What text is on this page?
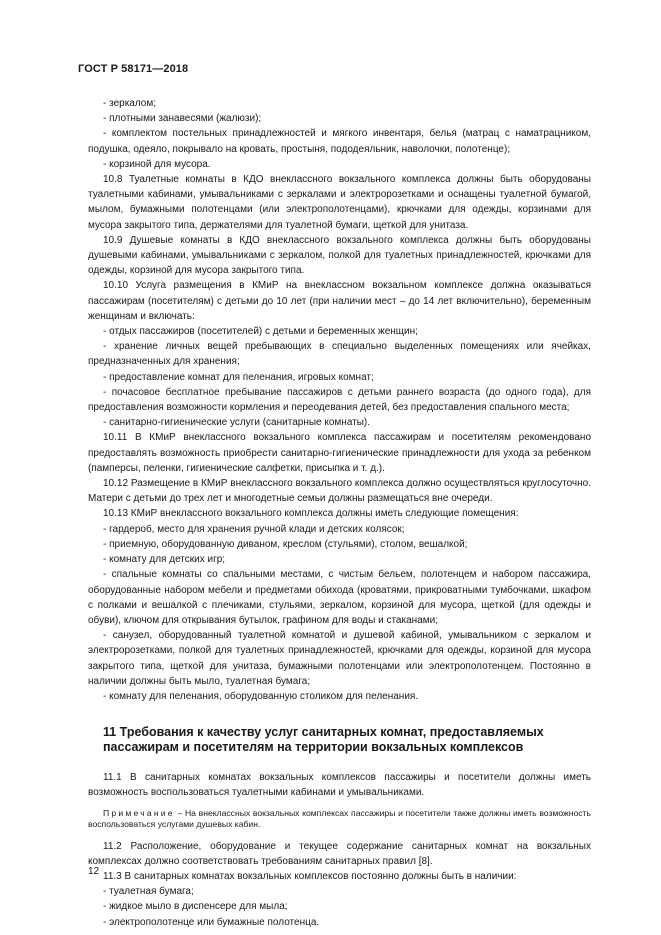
ГОСТ Р 58171—2018

- зеркалом;

- плотными занавесями (жалюзи);

- комплектом постельных принадлежностей и мягкого инвентаря, белья (матрац с наматрацником, подушка, одеяло, покрывало на кровать, простыня, пододеяльник, наволочки, полотенце);

- корзиной для мусора.

10.8 Туалетные комнаты в КДО внеклассного вокзального комплекса должны быть оборудованы туалетными кабинами, умывальниками с зеркалами и электророзетками и оснащены туалетной бумагой, мылом, бумажными полотенцами (или электрополотенцами), крючками для одежды, корзинами для мусора закрытого типа, держателями для туалетной бумаги, щеткой для унитаза.

10.9 Душевые комнаты в КДО внеклассного вокзального комплекса должны быть оборудованы душевыми кабинами, умывальниками с зеркалом, полкой для туалетных принадлежностей, крючками для одежды, корзиной для мусора закрытого типа.

10.10 Услуга размещения в КМиР на внеклассном вокзальном комплексе должна оказываться пассажирам (посетителям) с детьми до 10 лет (при наличии мест – до 14 лет включительно), беременным женщинам и включать:

- отдых пассажиров (посетителей) с детьми и беременных женщин;

- хранение личных вещей пребывающих в специально выделенных помещениях или ячейках, предназначенных для хранения;

- предоставление комнат для пеленания, игровых комнат;

- почасовое бесплатное пребывание пассажиров с детьми раннего возраста (до одного года), для предоставления возможности кормления и переодевания детей, без предоставления спального места;

- санитарно-гигиенические услуги (санитарные комнаты).

10.11 В КМиР внеклассного вокзального комплекса пассажирам и посетителям рекомендовано предоставлять возможность приобрести санитарно-гигиенические принадлежности для ухода за ребенком (памперсы, пеленки, гигиенические салфетки, присыпка и т. д.).

10.12 Размещение в КМиР внеклассного вокзального комплекса должно осуществляться круглосуточно. Матери с детьми до трех лет и многодетные семьи должны размещаться вне очереди.

10.13 КМиР внеклассного вокзального комплекса должны иметь следующие помещения:

- гардероб, место для хранения ручной клади и детских колясок;

- приемную, оборудованную диваном, креслом (стульями), столом, вешалкой;

- комнату для детских игр;

- спальные комнаты со спальными местами, с чистым бельем, полотенцем и набором пассажира, оборудованные набором мебели и предметами обихода (кроватями, прикроватными тумбочками, шкафом с полками и вешалкой с плечиками, стульями, зеркалом, корзиной для мусора, щеткой (для одежды и обуви), ключом для открывания бутылок, графином для воды и стаканами;

- санузел, оборудованный туалетной комнатой и душевой кабиной, умывальником с зеркалом и электророзетками, полкой для туалетных принадлежностей, крючками для одежды, корзиной для мусора закрытого типа, щеткой для унитаза, бумажными полотенцами или электрополотенцем. Постоянно в наличии должны быть мыло, туалетная бумага;

- комнату для пеленания, оборудованную столиком для пеленания.

11 Требования к качеству услуг санитарных комнат, предоставляемых пассажирам и посетителям на территории вокзальных комплексов

11.1 В санитарных комнатах вокзальных комплексов пассажиры и посетители должны иметь возможность воспользоваться туалетными кабинами и умывальниками.

Примечание – На внеклассных вокзальных комплексах пассажиры и посетители также должны иметь возможность воспользоваться услугами душевых кабин.

11.2 Расположение, оборудование и текущее содержание санитарных комнат на вокзальных комплексах должно соответствовать требованиям санитарных правил [8].

11.3 В санитарных комнатах вокзальных комплексов постоянно должны быть в наличии:

- туалетная бумага;

- жидкое мыло в диспенсере для мыла;

- электрополотенце или бумажные полотенца.

12
